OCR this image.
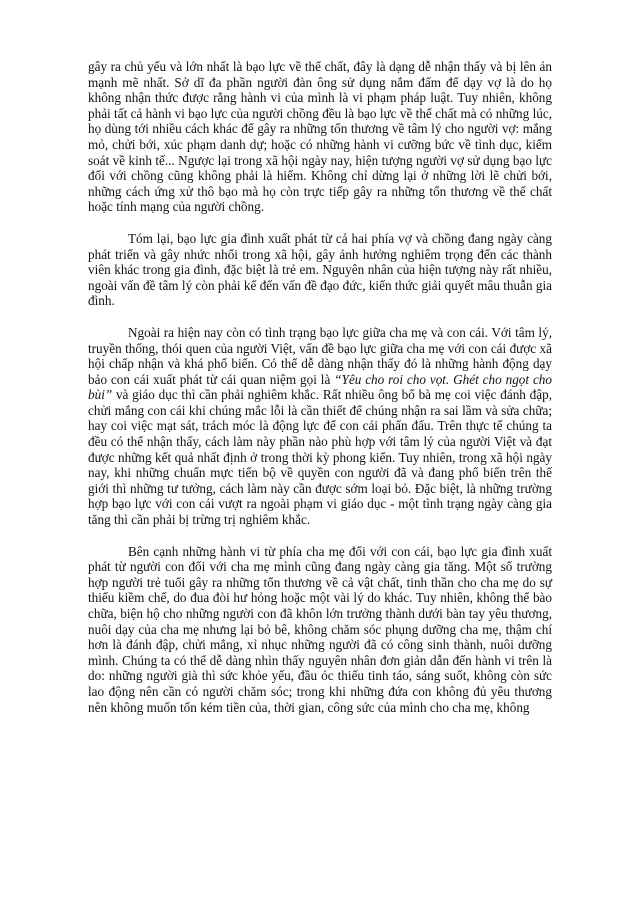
gây ra chủ yếu và lớn nhất là bạo lực về thể chất, đây là dạng dễ nhận thấy và bị lên án mạnh mẽ nhất. Sở dĩ đa phần người đàn ông sử dụng nắm đấm để dạy vợ là do họ không nhận thức được rằng hành vi của mình là vi phạm pháp luật. Tuy nhiên, không phải tất cả hành vi bạo lực của người chồng đều là bạo lực về thể chất mà có những lúc, họ dùng tới nhiều cách khác để gây ra những tổn thương về tâm lý cho người vợ: mắng mỏ, chửi bới, xúc phạm danh dự; hoặc có những hành vi cưỡng bức về tình dục, kiểm soát về kinh tế... Ngược lại trong xã hội ngày nay, hiện tượng người vợ sử dụng bạo lực đối với chồng cũng không phải là hiếm. Không chỉ dừng lại ở những lời lẽ chửi bới, những cách ứng xử thô bạo mà họ còn trực tiếp gây ra những tổn thương về thể chất hoặc tính mạng của người chồng.

Tóm lại, bạo lực gia đình xuất phát từ cả hai phía vợ và chồng đang ngày càng phát triển và gây nhức nhối trong xã hội, gây ảnh hưởng nghiêm trọng đến các thành viên khác trong gia đình, đặc biệt là trẻ em. Nguyên nhân của hiện tượng này rất nhiều, ngoài vấn đề tâm lý còn phải kể đến vấn đề đạo đức, kiến thức giải quyết mâu thuẫn gia đình.

Ngoài ra hiện nay còn có tình trạng bạo lực giữa cha mẹ và con cái. Với tâm lý, truyền thống, thói quen của người Việt, vấn đề bạo lực giữa cha mẹ với con cái được xã hội chấp nhận và khá phổ biến. Có thể dễ dàng nhận thấy đó là những hành động dạy bảo con cái xuất phát từ cái quan niệm gọi là “Yêu cho roi cho vọt. Ghét cho ngọt cho bùi” và giáo dục thì cần phải nghiêm khắc. Rất nhiều ông bố bà mẹ coi việc đánh đập, chửi mắng con cái khi chúng mắc lỗi là cần thiết để chúng nhận ra sai lầm và sửa chữa; hay coi việc mạt sát, trách móc là động lực để con cái phấn đấu. Trên thực tế chúng ta đều có thể nhận thấy, cách làm này phần nào phù hợp với tâm lý của người Việt và đạt được những kết quả nhất định ở trong thời kỳ phong kiến. Tuy nhiên, trong xã hội ngày nay, khi những chuẩn mực tiến bộ về quyền con người đã và đang phổ biến trên thế giới thì những tư tưởng, cách làm này cần được sớm loại bỏ. Đặc biệt, là những trường hợp bạo lực với con cái vượt ra ngoài phạm vi giáo dục - một tình trạng ngày càng gia tăng thì cần phải bị trừng trị nghiêm khắc.

Bên cạnh những hành vi từ phía cha mẹ đối với con cái, bạo lực gia đình xuất phát từ người con đối với cha mẹ mình cũng đang ngày càng gia tăng. Một số trường hợp người trẻ tuổi gây ra những tổn thương về cả vật chất, tinh thần cho cha mẹ do sự thiếu kiềm chế, do đua đòi hư hỏng hoặc một vài lý do khác. Tuy nhiên, không thể bào chữa, biện hộ cho những người con đã khôn lớn trưởng thành dưới bàn tay yêu thương, nuôi dạy của cha mẹ nhưng lại bỏ bê, không chăm sóc phụng dưỡng cha mẹ, thậm chí hơn là đánh đập, chửi mắng, xỉ nhục những người đã có công sinh thành, nuôi dưỡng mình. Chúng ta có thể dễ dàng nhìn thấy nguyên nhân đơn giản dẫn đến hành vi trên là do: những người già thì sức khỏe yếu, đầu óc thiếu tinh táo, sáng suốt, không còn sức lao động nên cần có người chăm sóc; trong khi những đứa con không đủ yêu thương nên không muốn tốn kém tiền của, thời gian, công sức của mình cho cha mẹ, không
